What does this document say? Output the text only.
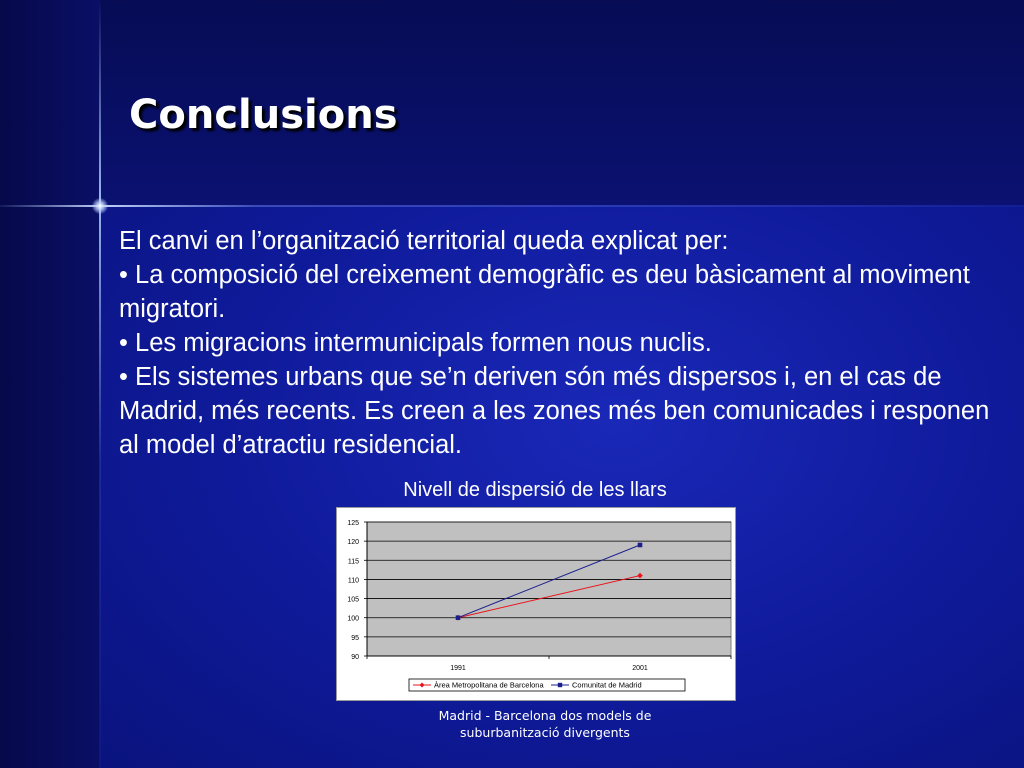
Conclusions

El canvi en l’organització territorial queda explicat per:

• La composició del creixement demogràfic es deu bàsicament al moviment migratori.

• Les migracions intermunicipals formen nous nuclis.

• Els sistemes urbans que se’n deriven són més dispersos i, en el cas de Madrid, més recents. Es creen a les zones més ben comunicades i responen al model d’atractiu residencial.

Nivell de dispersió de les llars
125
120
115
110
105
100
95
90
1991	2001
Àrea Metropolitana de Barcelona	Comunitat de Madrid
Madrid - Barcelona dos models de
suburbanització divergents
